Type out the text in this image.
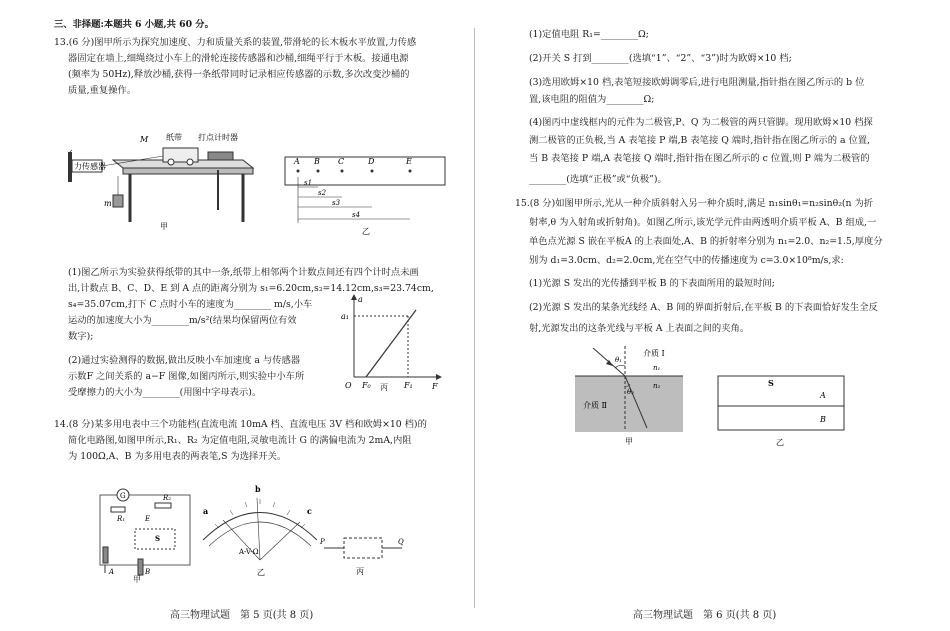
三、非择题:本题共 6 小题,共 60 分。
13.(6 分)图甲所示为探究加速度、力和质量关系的装置,带滑轮的长木板水平放置,力传感
器固定在墙上,细绳绕过小车上的滑轮连接传感器和沙桶,细绳平行于木板。接通电源
(频率为 50Hz),释放沙桶,获得一条纸带同时记录相应传感器的示数,多次改变沙桶的
质量,重复操作。
力传感器
M 纸带 打点计时器
m
甲
A B C	D	E
s1
s2
s3
s4
乙
(1)图乙所示为实验获得纸带的其中一条,纸带上相邻两个计数点间还有四个计时点未画
出,计数点 B、C、D、E 到 A 点的距离分别为 s₁=6.20cm,s₂=14.12cm,s₃=23.74cm,
s₄=35.07cm,打下 C 点时小车的速度为________ m/s,小车
运动的加速度大小为________m/s²(结果均保留两位有效
数字);
(2)通过实验测得的数据,做出反映小车加速度 a 与传感器
示数F 之间关系的 a−F 图像,如图丙所示,则实验中小车所
受摩擦力的大小为________(用图中字母表示)。
a
F
O
a₁
F₀	F₁
丙
14.(8 分)某多用电表中三个功能档(直流电流 10mA 档、直流电压 3V 档和欧姆×10 档)的
简化电路图,如图甲所示,R₁、R₂ 为定值电阻,灵敏电流计 G 的满偏电流为 2mA,内阻
为 100Ω,A、B 为多用电表的两表笔,S 为选择开关。
G
R₁
R₂
E
S
A	B
甲
b
a	c
A-V-Ω
乙
P	Q
丙
高三物理试题　第 5 页(共 8 页)
(1)定值电阻 R₁=________Ω;
(2)开关 S 打到________(选填“1”、“2”、“3”)时为欧姆×10 档;
(3)选用欧姆×10 档,表笔短接欧姆调零后,进行电阻测量,指针指在图乙所示的 b 位
置,该电阻的阻值为________Ω;
(4)图丙中虚线框内的元件为二极管,P、Q 为二极管的两只管脚。现用欧姆×10 档探
测二极管的正负极,当 A 表笔接 P 端,B 表笔接 Q 端时,指针指在图乙所示的 a 位置,
当 B 表笔接 P 端,A 表笔接 Q 端时,指针指在图乙所示的 c 位置,则 P 端为二极管的
________(选填“正极”或“负极”)。
15.(8 分)如图甲所示,光从一种介质斜射入另一种介质时,满足 n₁sinθ₁=n₂sinθ₂(n 为折
射率,θ 为入射角或折射角)。如图乙所示,该光学元件由两透明介质平板 A、B 组成,一
单色点光源 S 嵌在平板A 的上表面处,A、B 的折射率分别为 n₁=2.0、n₂=1.5,厚度分
别为 d₁=3.0cm、d₂=2.0cm,光在空气中的传播速度为 c=3.0×10⁸m/s,求:
(1)光源 S 发出的光传播到平板 B 的下表面所用的最短时间;
(2)光源 S 发出的某条光线经 A、B 间的界面折射后,在平板 B 的下表面恰好发生全反
射,光源发出的这条光线与平板 A 上表面之间的夹角。
θ₁
θ₂
介质 Ⅰ
n₁
n₂
介质 Ⅱ
甲
S
A
B
乙
高三物理试题　第 6 页(共 8 页)
